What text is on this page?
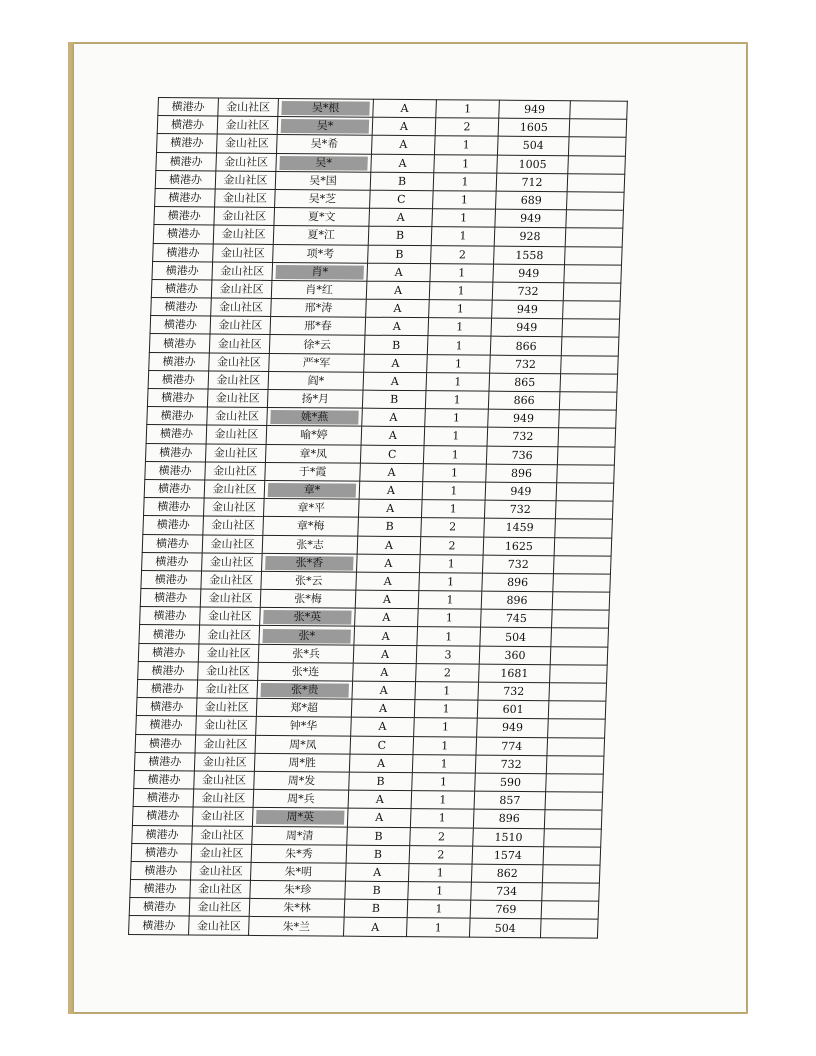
横港办	金山社区	吴*根	A	1	949	
横港办	金山社区	吴*	A	2	1605	
横港办	金山社区	吴*希	A	1	504	
横港办	金山社区	吴*	A	1	1005	
横港办	金山社区	吴*国	B	1	712	
横港办	金山社区	吴*芝	C	1	689	
横港办	金山社区	夏*文	A	1	949	
横港办	金山社区	夏*江	B	1	928	
横港办	金山社区	项*考	B	2	1558	
横港办	金山社区	肖*	A	1	949	
横港办	金山社区	肖*红	A	1	732	
横港办	金山社区	邢*涛	A	1	949	
横港办	金山社区	邢*春	A	1	949	
横港办	金山社区	徐*云	B	1	866	
横港办	金山社区	严*军	A	1	732	
横港办	金山社区	阎*	A	1	865	
横港办	金山社区	扬*月	B	1	866	
横港办	金山社区	姚*燕	A	1	949	
横港办	金山社区	喻*婷	A	1	732	
横港办	金山社区	章*凤	C	1	736	
横港办	金山社区	于*霞	A	1	896	
横港办	金山社区	章*	A	1	949	
横港办	金山社区	章*平	A	1	732	
横港办	金山社区	章*梅	B	2	1459	
横港办	金山社区	张*志	A	2	1625	
横港办	金山社区	张*香	A	1	732	
横港办	金山社区	张*云	A	1	896	
横港办	金山社区	张*梅	A	1	896	
横港办	金山社区	张*英	A	1	745	
横港办	金山社区	张*	A	1	504	
横港办	金山社区	张*兵	A	3	360	
横港办	金山社区	张*连	A	2	1681	
横港办	金山社区	张*贵	A	1	732	
横港办	金山社区	郑*超	A	1	601	
横港办	金山社区	钟*华	A	1	949	
横港办	金山社区	周*凤	C	1	774	
横港办	金山社区	周*胜	A	1	732	
横港办	金山社区	周*发	B	1	590	
横港办	金山社区	周*兵	A	1	857	
横港办	金山社区	周*英	A	1	896	
横港办	金山社区	周*清	B	2	1510	
横港办	金山社区	朱*秀	B	2	1574	
横港办	金山社区	朱*明	A	1	862	
横港办	金山社区	朱*珍	B	1	734	
横港办	金山社区	朱*林	B	1	769	
横港办	金山社区	朱*兰	A	1	504	
